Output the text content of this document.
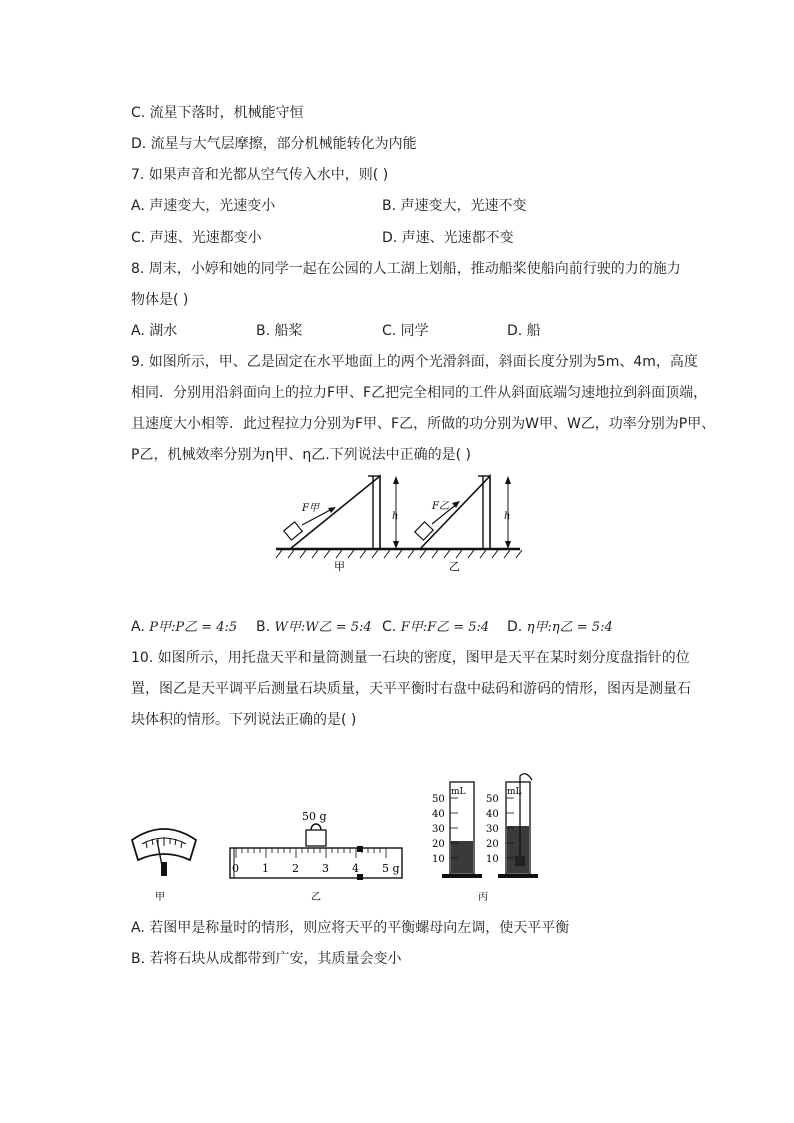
C. 流星下落时，机械能守恒
D. 流星与大气层摩擦，部分机械能转化为内能
7. 如果声音和光都从空气传入水中，则( )
A. 声速变大，光速变小	B. 声速变大，光速不变
C. 声速、光速都变小	D. 声速、光速都不变
8. 周末，小婷和她的同学一起在公园的人工湖上划船，推动船桨使船向前行驶的力的施力
物体是( )
A. 湖水	B. 船桨	C. 同学	D. 船
9. 如图所示，甲、乙是固定在水平地面上的两个光滑斜面，斜面长度分别为5m、4m，高度
相同．分别用沿斜面向上的拉力F甲、F乙把完全相同的工件从斜面底端匀速地拉到斜面顶端，
且速度大小相等．此过程拉力分别为F甲、F乙，所做的功分别为W甲、W乙，功率分别为P甲、
P乙，机械效率分别为η甲、η乙.下列说法中正确的是( )
F甲
h
F乙
h
甲	乙
A. P甲:P乙 = 4:5 B. W甲:W乙 = 5:4 C. F甲:F乙 = 5:4 D. η甲:η乙 = 5:4
10. 如图所示，用托盘天平和量筒测量一石块的密度，图甲是天平在某时刻分度盘指针的位
置，图乙是天平调平后测量石块质量，天平平衡时右盘中砝码和游码的情形，图丙是测量石
块体积的情形。下列说法正确的是( )
甲
50 g
0 1 2 3 4 5 g
乙
mL
50
40
30
20
10
mL
50
40
30
20
10
丙
A. 若图甲是称量时的情形，则应将天平的平衡螺母向左调，使天平平衡
B. 若将石块从成都带到广安，其质量会变小
